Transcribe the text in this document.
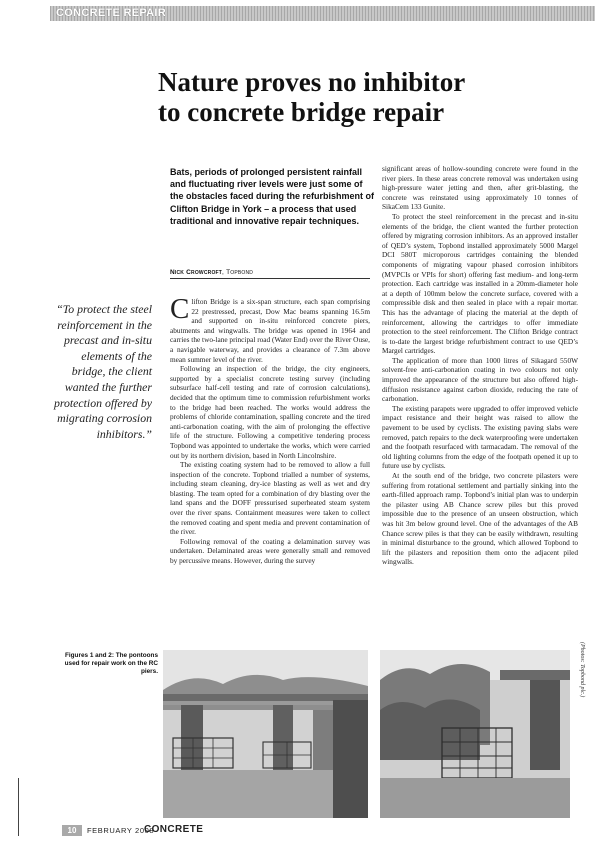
CONCRETE REPAIR
Nature proves no inhibitor
to concrete bridge repair
Bats, periods of prolonged persistent rainfall and fluctuating river levels were just some of the obstacles faced during the refurbishment of Clifton Bridge in York – a process that used traditional and innovative repair techniques.
Nick Crowcroft, Topbond
“To protect the steel reinforcement in the precast and in-situ elements of the bridge, the client wanted the further protection offered by migrating corrosion inhibitors.”

Clifton Bridge is a six-span structure, each span comprising 22 prestressed, precast, Dow Mac beams spanning 16.5m and supported on in-situ reinforced concrete piers, abutments and wingwalls. The bridge was opened in 1964 and carries the two-lane principal road (Water End) over the River Ouse, a navigable waterway, and provides a clearance of 7.3m above mean summer level of the river.

Following an inspection of the bridge, the city engineers, supported by a specialist concrete testing survey (including subsurface half-cell testing and rate of corrosion calculations), decided that the optimum time to commission refurbishment works to the bridge had been reached. The works would address the problems of chloride contamination, spalling concrete and the tired anti-carbonation coating, with the aim of prolonging the effective life of the structure. Following a competitive tendering process Topbond was appointed to undertake the works, which were carried out by its northern division, based in North Lincolnshire.

The existing coating system had to be removed to allow a full inspection of the concrete. Topbond trialled a number of systems, including steam cleaning, dry-ice blasting as well as wet and dry blasting. The team opted for a combination of dry blasting over the land spans and the DOFF pressurised superheated steam system over the river spans. Containment measures were taken to collect the removed coating and spent media and prevent contamination of the river.

Following removal of the coating a delamination survey was undertaken. Delaminated areas were generally small and removed by percussive means. However, during the survey

significant areas of hollow-sounding concrete were found in the river piers. In these areas concrete removal was undertaken using high-pressure water jetting and then, after grit-blasting, the concrete was reinstated using approximately 10 tonnes of SikaCem 133 Gunite.

To protect the steel reinforcement in the precast and in-situ elements of the bridge, the client wanted the further protection offered by migrating corrosion inhibitors. As an approved installer of QED’s system, Topbond installed approximately 5000 Margel DCI 580T microporous cartridges containing the blended components of migrating vapour phased corrosion inhibitors (MVPCIs or VPIs for short) offering fast medium- and long-term protection. Each cartridge was installed in a 20mm-diameter hole at a depth of 100mm below the concrete surface, covered with a compressible disk and then sealed in place with a repair mortar. This has the advantage of placing the material at the depth of reinforcement, allowing the cartridges to offer immediate protection to the steel reinforcement. The Clifton Bridge contract is to-date the largest bridge refurbishment contract to use QED’s Margel cartridges.

The application of more than 1000 litres of Sikagard 550W solvent-free anti-carbonation coating in two colours not only improved the appearance of the structure but also offered high-diffusion resistance against carbon dioxide, reducing the rate of carbonation.

The existing parapets were upgraded to offer improved vehicle impact resistance and their height was raised to allow the pavement to be used by cyclists. The existing paving slabs were removed, patch repairs to the deck waterproofing were undertaken and the footpath resurfaced with tarmacadam. The removal of the old lighting columns from the edge of the footpath opened it up to future use by cyclists.

At the south end of the bridge, two concrete pilasters were suffering from rotational settlement and partially sinking into the earth-filled approach ramp. Topbond’s initial plan was to underpin the pilaster using AB Chance screw piles but this proved impossible due to the presence of an unseen obstruction, which was hit 3m below ground level. One of the advantages of the AB Chance screw piles is that they can be easily withdrawn, resulting in minimal disturbance to the ground, which allowed Topbond to lift the pilasters and reposition them onto the adjacent piled wingwalls.

Figures 1 and 2: The pontoons used for repair work on the RC piers.	(Photos: Topbond plc.)
10	FEBRUARY 2008
CONCRETE
